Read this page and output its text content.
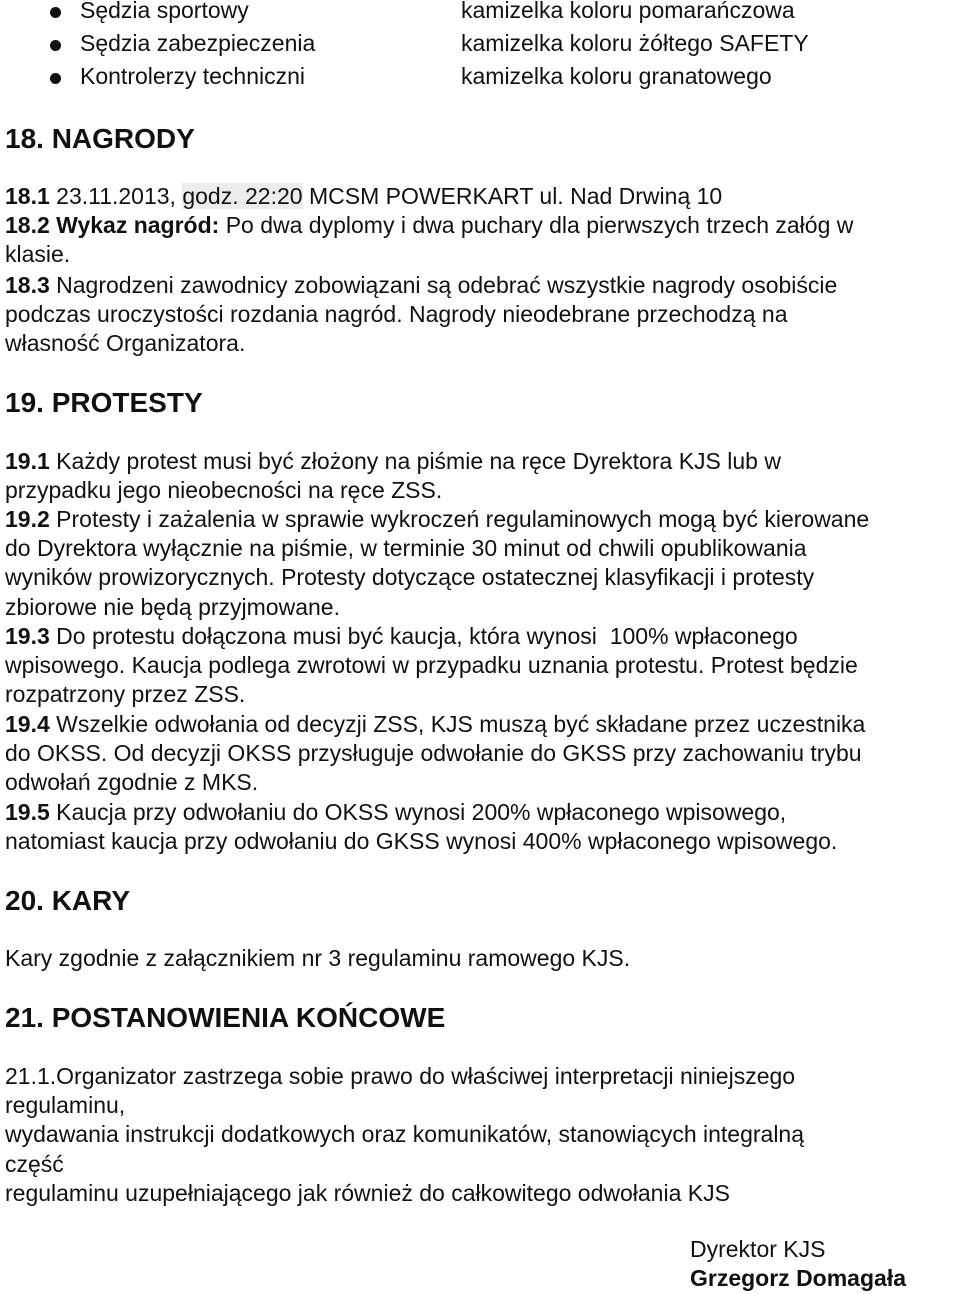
Sędzia sportowy	kamizelka koloru pomarańczowa
Sędzia zabezpieczenia	kamizelka koloru żółtego SAFETY
Kontrolerzy techniczni	kamizelka koloru granatowego
18. NAGRODY
18.1 23.11.2013, godz. 22:20 MCSM POWERKART ul. Nad Drwiną 10
18.2 Wykaz nagród: Po dwa dyplomy i dwa puchary dla pierwszych trzech załóg w
klasie.
18.3 Nagrodzeni zawodnicy zobowiązani są odebrać wszystkie nagrody osobiście
podczas uroczystości rozdania nagród. Nagrody nieodebrane przechodzą na
własność Organizatora.
19. PROTESTY
19.1 Każdy protest musi być złożony na piśmie na ręce Dyrektora KJS lub w
przypadku jego nieobecności na ręce ZSS.
19.2 Protesty i zażalenia w sprawie wykroczeń regulaminowych mogą być kierowane
do Dyrektora wyłącznie na piśmie, w terminie 30 minut od chwili opublikowania
wyników prowizorycznych. Protesty dotyczące ostatecznej klasyfikacji i protesty
zbiorowe nie będą przyjmowane.
19.3 Do protestu dołączona musi być kaucja, która wynosi  100% wpłaconego
wpisowego. Kaucja podlega zwrotowi w przypadku uznania protestu. Protest będzie
rozpatrzony przez ZSS.
19.4 Wszelkie odwołania od decyzji ZSS, KJS muszą być składane przez uczestnika
do OKSS. Od decyzji OKSS przysługuje odwołanie do GKSS przy zachowaniu trybu
odwołań zgodnie z MKS.
19.5 Kaucja przy odwołaniu do OKSS wynosi 200% wpłaconego wpisowego,
natomiast kaucja przy odwołaniu do GKSS wynosi 400% wpłaconego wpisowego.
20. KARY
Kary zgodnie z załącznikiem nr 3 regulaminu ramowego KJS.
21. POSTANOWIENIA KOŃCOWE
21.1.Organizator zastrzega sobie prawo do właściwej interpretacji niniejszego
regulaminu,
wydawania instrukcji dodatkowych oraz komunikatów, stanowiących integralną
część
regulaminu uzupełniającego jak również do całkowitego odwołania KJS
Dyrektor KJS
Grzegorz Domagała
